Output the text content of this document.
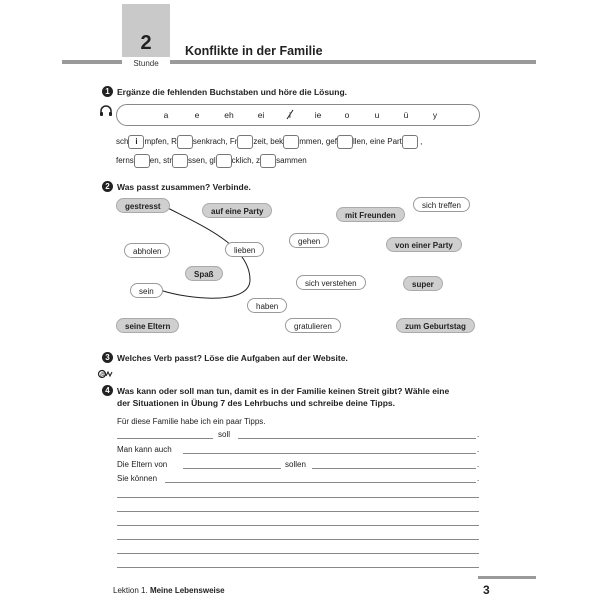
2
Stunde
Konflikte in der Familie
1 Ergänze die fehlenden Buchstaben und höre die Lösung.
a	e	eh	ei	ie	o	u	ü	y
sch i mpfen, R senkrach, Fr zeit, bek mmen, gef llen, eine Part ,
ferns en, str ssen, gl cklich, z sammen
2 Was passt zusammen? Verbinde.
gestresst
auf eine Party	mit Freunden
sich treffen
gehen	von einer Party
abholen	lieben
Spaß
sich verstehen	super
sein
haben
seine Eltern	gratulieren	zum Geburtstag
3 Welches Verb passt? Löse die Aufgaben auf der Website.
@
4 Was kann oder soll man tun, damit es in der Familie keinen Streit gibt? Wähle eine
der Situationen in Übung 7 des Lehrbuchs und schreibe deine Tipps.
Für diese Familie habe ich ein paar Tipps.
soll	.
Man kann auch	.
Die Eltern von	sollen	.
Sie können	.
Lektion 1. Meine Lebensweise	3
